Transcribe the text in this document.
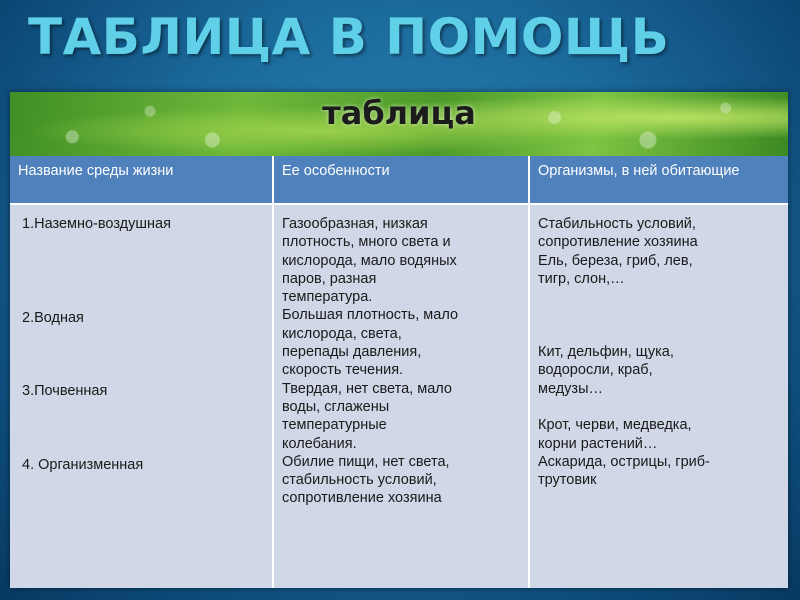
ТАБЛИЦА В ПОМОЩЬ
таблица
Название среды жизни	Ее особенности	Организмы, в ней обитающие
1.Наземно-воздушная
2.Водная
3.Почвенная
4. Организменная

Газообразная, низкая

плотность, много света и

кислорода, мало водяных

паров, разная

температура.

Большая плотность, мало

кислорода, света,

перепады давления,

скорость течения.

Твердая, нет света, мало

воды, сглажены

температурные

колебания.

Обилие пищи, нет света,

стабильность условий,

сопротивление хозяина

Стабильность условий,

сопротивление хозяина

Ель, береза, гриб, лев,

тигр, слон,…

Кит, дельфин, щука,

водоросли, краб,

медузы…

Крот, черви, медведка,

корни растений…

Аскарида, острицы, гриб-

трутовик
